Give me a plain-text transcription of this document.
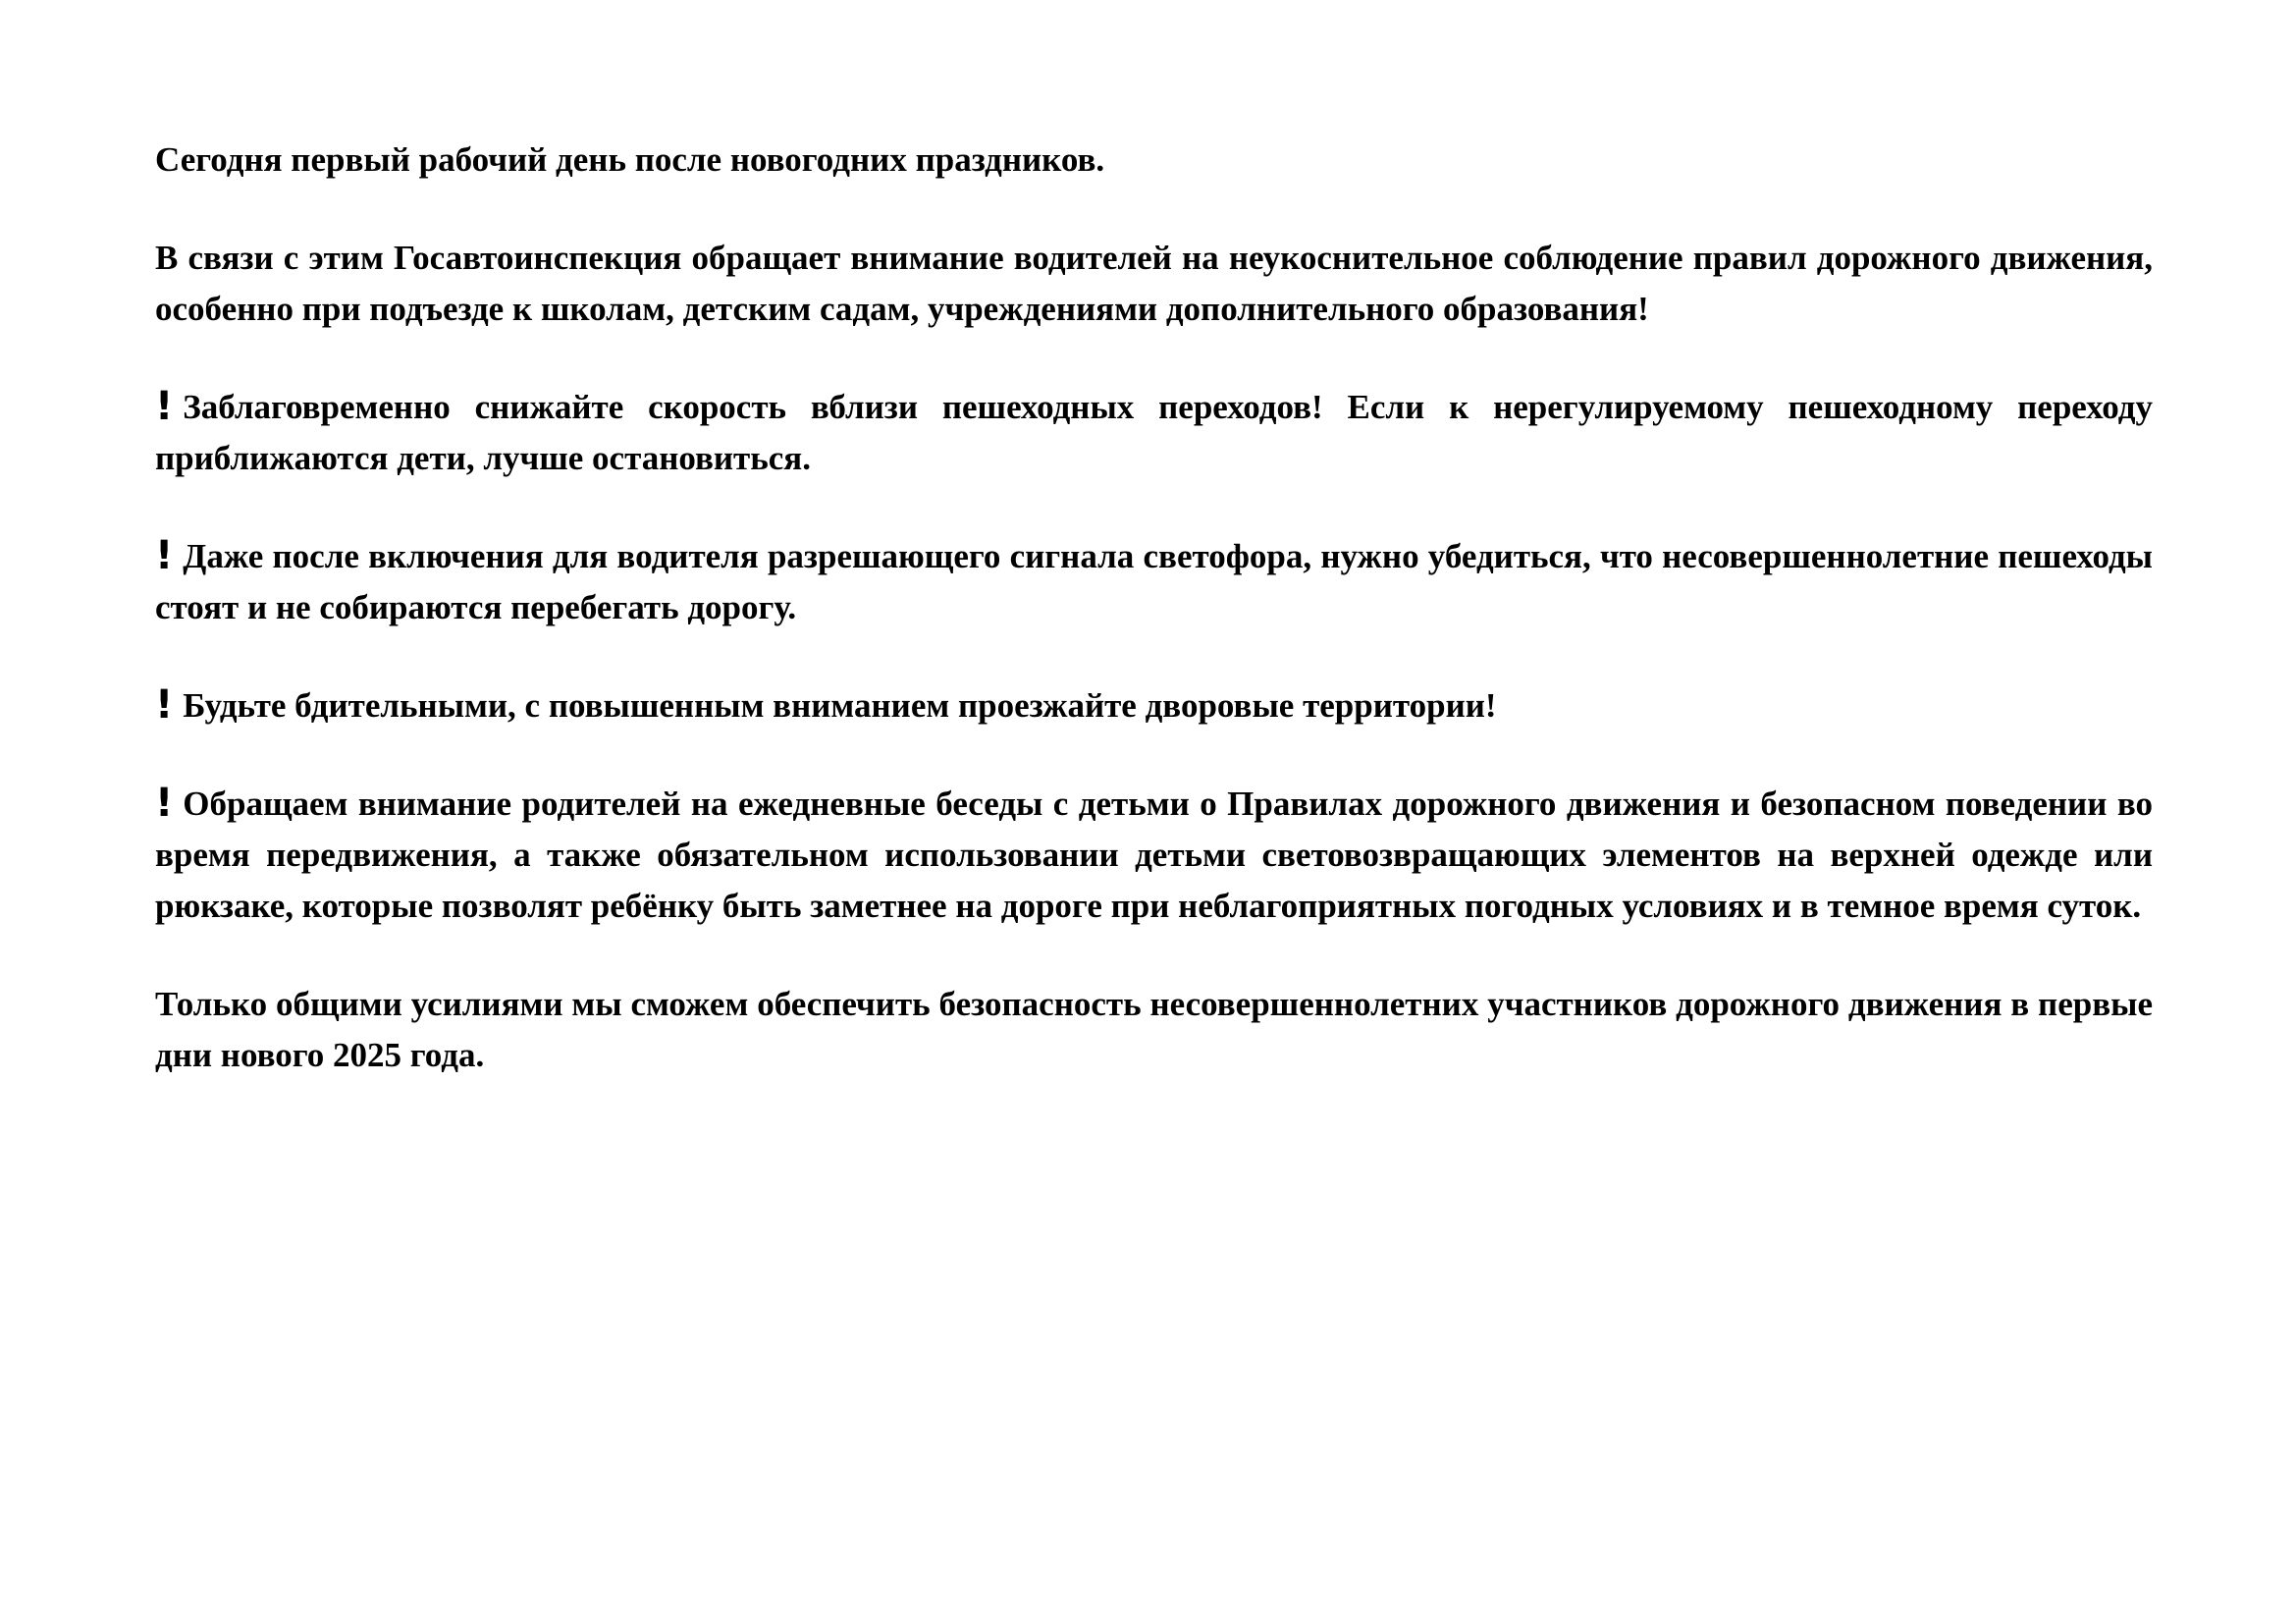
Сегодня первый рабочий день после новогодних праздников.

В связи с этим Госавтоинспекция обращает внимание водителей на неукоснительное соблюдение правил дорожного движения, особенно при подъезде к школам, детским садам, учреждениями дополнительного образования!

! Заблаговременно снижайте скорость вблизи пешеходных переходов! Если к нерегулируемому пешеходному переходу приближаются дети, лучше остановиться.

! Даже после включения для водителя разрешающего сигнала светофора, нужно убедиться, что несовершеннолетние пешеходы стоят и не собираются перебегать дорогу.

! Будьте бдительными, с повышенным вниманием проезжайте дворовые территории!

! Обращаем внимание родителей на ежедневные беседы с детьми о Правилах дорожного движения и безопасном поведении во время передвижения, а также обязательном использовании детьми световозвращающих элементов на верхней одежде или рюкзаке, которые позволят ребёнку быть заметнее на дороге при неблагоприятных погодных условиях и в темное время суток.

Только общими усилиями мы сможем обеспечить безопасность несовершеннолетних участников дорожного движения в первые дни нового 2025 года.
